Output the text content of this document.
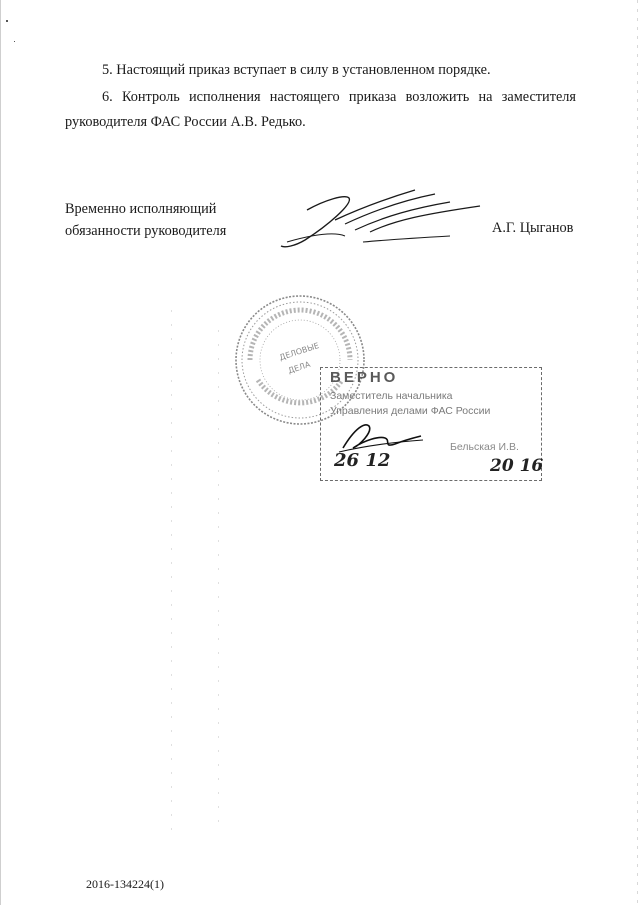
5. Настоящий приказ вступает в силу в установленном порядке.
6. Контроль исполнения настоящего приказа возложить на заместителя
руководителя ФАС России А.В. Редько.
Временно исполняющий
обязанности руководителя	А.Г. Цыганов
ДЕЛОВЫЕ
ДЕЛА
ВЕРНО
Заместитель начальника
Управления делами ФАС России
Бельская И.В.
26 12	20 16
2016-134224(1)
